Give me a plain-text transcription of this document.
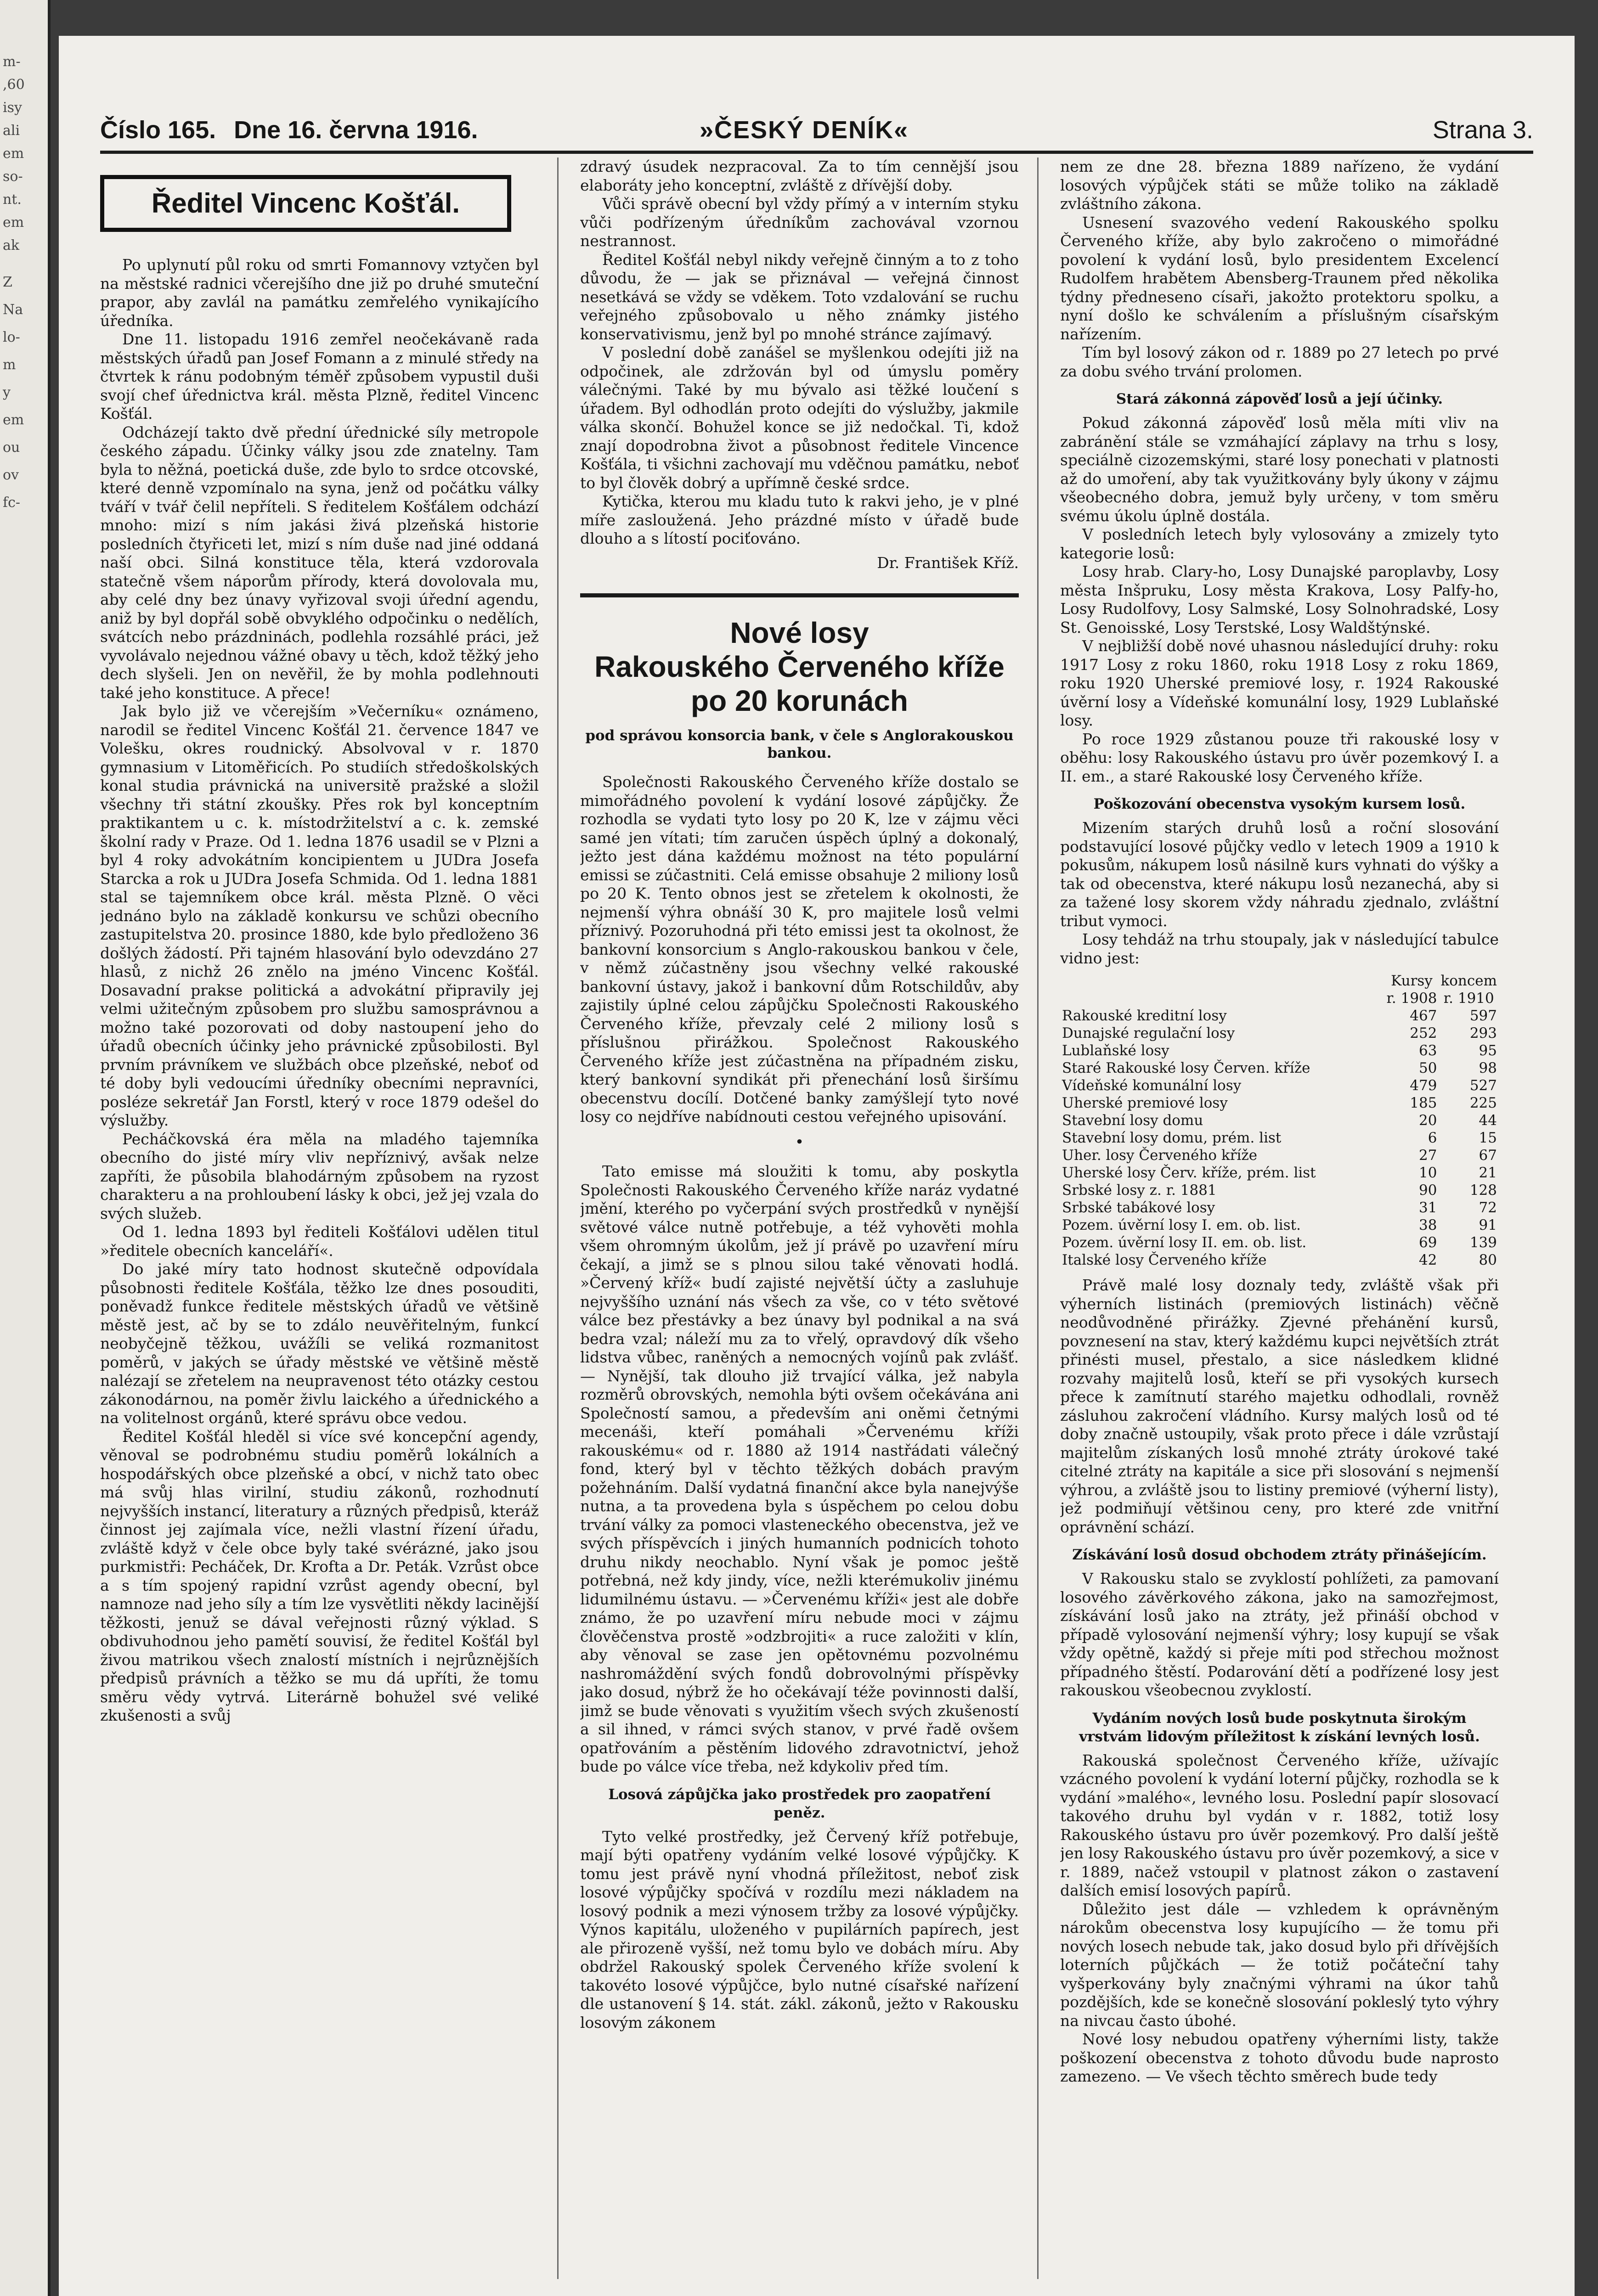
m-
,60
isy
ali
em
so-
nt.
em
ak
Z
Na
lo-
m
y
em
ou
ov
fc-
Číslo 165. Dne 16. června 1916.	»ČESKÝ DENÍK«	Strana 3.
Ředitel Vincenc Košťál.

Po uplynutí půl roku od smrti Fomannovy vztyčen byl na městské radnici včerejšího dne již po druhé smuteční prapor, aby zavlál na památku zemřelého vynikajícího úředníka.

Dne 11. listopadu 1916 zemřel neočekávaně rada městských úřadů pan Josef Fomann a z minulé středy na čtvrtek k ránu podobným téměř způsobem vypustil duši svojí chef úřednictva král. města Plzně, ředitel Vincenc Košťál.

Odcházejí takto dvě přední úřednické síly metropole českého západu. Účinky války jsou zde znatelny. Tam byla to něžná, poetická duše, zde bylo to srdce otcovské, které denně vzpomínalo na syna, jenž od počátku války tváří v tvář čelil nepříteli. S ředitelem Košťálem odchází mnoho: mizí s ním jakási živá plzeňská historie posledních čtyřiceti let, mizí s ním duše nad jiné oddaná naší obci. Silná konstituce těla, která vzdorovala statečně všem náporům přírody, která dovolovala mu, aby celé dny bez únavy vyřizoval svoji úřední agendu, aniž by byl dopřál sobě obvyklého odpočinku o nedělích, svátcích nebo prázdninách, podlehla rozsáhlé práci, jež vyvolávalo nejednou vážné obavy u těch, kdož těžký jeho dech slyšeli. Jen on nevěřil, že by mohla podlehnouti také jeho konstituce. A přece!

Jak bylo již ve včerejším »Večerníku« oznámeno, narodil se ředitel Vincenc Košťál 21. července 1847 ve Volešku, okres roudnický. Absolvoval v r. 1870 gymnasium v Litoměřicích. Po studiích středoškolských konal studia právnická na universitě pražské a složil všechny tři státní zkoušky. Přes rok byl konceptním praktikantem u c. k. místodržitelství a c. k. zemské školní rady v Praze. Od 1. ledna 1876 usadil se v Plzni a byl 4 roky advokátním koncipientem u JUDra Josefa Starcka a rok u JUDra Josefa Schmida. Od 1. ledna 1881 stal se tajemníkem obce král. města Plzně. O věci jednáno bylo na základě konkursu ve schůzi obecního zastupitelstva 20. prosince 1880, kde bylo předloženo 36 došlých žádostí. Při tajném hlasování bylo odevzdáno 27 hlasů, z nichž 26 znělo na jméno Vincenc Košťál. Dosavadní prakse politická a advokátní připravily jej velmi užitečným způsobem pro službu samosprávnou a možno také pozorovati od doby nastoupení jeho do úřadů obecních účinky jeho právnické způsobilosti. Byl prvním právníkem ve službách obce plzeňské, neboť od té doby byli vedoucími úředníky obecními nepravníci, posléze sekretář Jan Forstl, který v roce 1879 odešel do výslužby.

Pecháčkovská éra měla na mladého tajemníka obecního do jisté míry vliv nepříznivý, avšak nelze zapříti, že působila blahodárným způsobem na ryzost charakteru a na prohloubení lásky k obci, jež jej vzala do svých služeb.

Od 1. ledna 1893 byl řediteli Košťálovi udělen titul »ředitele obecních kanceláří«.

Do jaké míry tato hodnost skutečně odpovídala působnosti ředitele Košťála, těžko lze dnes posouditi, poněvadž funkce ředitele městských úřadů ve většině městě jest, ač by se to zdálo neuvěřitelným, funkcí neobyčejně těžkou, uvážíli se veliká rozmanitost poměrů, v jakých se úřady městské ve většině městě nalézají se zřetelem na neupravenost této otázky cestou zákonodárnou, na poměr živlu laického a úřednického a na volitelnost orgánů, které správu obce vedou.

Ředitel Košťál hleděl si více své koncepční agendy, věnoval se podrobnému studiu poměrů lokálních a hospodářských obce plzeňské a obcí, v nichž tato obec má svůj hlas virilní, studiu zákonů, rozhodnutí nejvyšších instancí, literatury a různých předpisů, kteráž činnost jej zajímala více, nežli vlastní řízení úřadu, zvláště když v čele obce byly také svérázné, jako jsou purkmistři: Pecháček, Dr. Krofta a Dr. Peták. Vzrůst obce a s tím spojený rapidní vzrůst agendy obecní, byl namnoze nad jeho síly a tím lze vysvětliti někdy lacinější těžkosti, jenuž se dával veřejnosti různý výklad. S obdivuhodnou jeho pamětí souvisí, že ředitel Košťál byl živou matrikou všech znalostí místních i nejrůznějších předpisů právních a těžko se mu dá upříti, že tomu směru vědy vytrvá. Literárně bohužel své veliké zkušenosti a svůj

zdravý úsudek nezpracoval. Za to tím cennější jsou elaboráty jeho konceptní, zvláště z dřívější doby.

Vůči správě obecní byl vždy přímý a v interním styku vůči podřízeným úředníkům zachovával vzornou nestrannost.

Ředitel Košťál nebyl nikdy veřejně činným a to z toho důvodu, že — jak se přiznával — veřejná činnost nesetkává se vždy se vděkem. Toto vzdalování se ruchu veřejného způsobovalo u něho známky jistého konservativismu, jenž byl po mnohé stránce zajímavý.

V poslední době zanášel se myšlenkou odejíti již na odpočinek, ale zdržován byl od úmyslu poměry válečnými. Také by mu bývalo asi těžké loučení s úřadem. Byl odhodlán proto odejíti do výslužby, jakmile válka skončí. Bohužel konce se již nedočkal. Ti, kdož znají dopodrobna život a působnost ředitele Vincence Košťála, ti všichni zachovají mu vděčnou památku, neboť to byl člověk dobrý a upřímně české srdce.

Kytička, kterou mu kladu tuto k rakvi jeho, je v plné míře zasloužená. Jeho prázdné místo v úřadě bude dlouho a s lítostí pociťováno.

Dr. František Kříž.
Nové losy
Rakouského Červeného kříže
po 20 korunách
pod správou konsorcia bank, v čele s Anglorakouskou bankou.

Společnosti Rakouského Červeného kříže dostalo se mimořádného povolení k vydání losové zápůjčky. Že rozhodla se vydati tyto losy po 20 K, lze v zájmu věci samé jen vítati; tím zaručen úspěch úplný a dokonalý, ježto jest dána každému možnost na této populární emissi se zúčastniti. Celá emisse obsahuje 2 miliony losů po 20 K. Tento obnos jest se zřetelem k okolnosti, že nejmenší výhra obnáší 30 K, pro majitele losů velmi příznivý. Pozoruhodná při této emissi jest ta okolnost, že bankovní konsorcium s Anglo-rakouskou bankou v čele, v němž zúčastněny jsou všechny velké rakouské bankovní ústavy, jakož i bankovní dům Rotschildův, aby zajistily úplné celou zápůjčku Společnosti Rakouského Červeného kříže, převzaly celé 2 miliony losů s příslušnou přirážkou. Společnost Rakouského Červeného kříže jest zúčastněna na případném zisku, který bankovní syndikát při přenechání losů širšímu obecenstvu docílí. Dotčené banky zamýšlejí tyto nové losy co nejdříve nabídnouti cestou veřejného upisování.

•

Tato emisse má sloužiti k tomu, aby poskytla Společnosti Rakouského Červeného kříže naráz vydatné jmění, kterého po vyčerpání svých prostředků v nynější světové válce nutně potřebuje, a též vyhověti mohla všem ohromným úkolům, jež jí právě po uzavření míru čekají, a jimž se s plnou silou také věnovati hodlá. »Červený kříž« budí zajisté největší účty a zasluhuje nejvyššího uznání nás všech za vše, co v této světové válce bez přestávky a bez únavy byl podnikal a na svá bedra vzal; náleží mu za to vřelý, opravdový dík všeho lidstva vůbec, raněných a nemocných vojínů pak zvlášť. — Nynější, tak dlouho již trvající válka, jež nabyla rozměrů obrovských, nemohla býti ovšem očekávána ani Společností samou, a především ani oněmi četnými mecenáši, kteří pomáhali »Červenému kříži rakouskému« od r. 1880 až 1914 nastřádati válečný fond, který byl v těchto těžkých dobách pravým požehnáním. Další vydatná finanční akce byla nanejvýše nutna, a ta provedena byla s úspěchem po celou dobu trvání války za pomoci vlasteneckého obecenstva, jež ve svých příspěvcích i jiných humanních podnicích tohoto druhu nikdy neochablo. Nyní však je pomoc ještě potřebná, než kdy jindy, více, nežli kterémukoliv jinému lidumilnému ústavu. — »Červenému kříži« jest ale dobře známo, že po uzavření míru nebude moci v zájmu člověčenstva prostě »odzbrojiti« a ruce založiti v klín, aby věnoval se zase jen opětovnému pozvolnému nashromáždění svých fondů dobrovolnými příspěvky jako dosud, nýbrž že ho očekávají téže povinnosti další, jimž se bude věnovati s využitím všech svých zkušeností a sil ihned, v rámci svých stanov, v prvé řadě ovšem opatřováním a pěstěním lidového zdravotnictví, jehož bude po válce více třeba, než kdykoliv před tím.

Losová zápůjčka jako prostředek pro zaopatření peněz.

Tyto velké prostředky, jež Červený kříž potřebuje, mají býti opatřeny vydáním velké losové výpůjčky. K tomu jest právě nyní vhodná příležitost, neboť zisk losové výpůjčky spočívá v rozdílu mezi nákladem na losový podnik a mezi výnosem tržby za losové výpůjčky. Výnos kapitálu, uloženého v pupilárních papírech, jest ale přirozeně vyšší, než tomu bylo ve dobách míru. Aby obdržel Rakouský spolek Červeného kříže svolení k takovéto losové výpůjčce, bylo nutné císařské nařízení dle ustanovení § 14. stát. zákl. zákonů, ježto v Rakousku losovým zákonem

nem ze dne 28. března 1889 nařízeno, že vydání losových výpůjček státi se může toliko na základě zvláštního zákona.

Usnesení svazového vedení Rakouského spolku Červeného kříže, aby bylo zakročeno o mimořádné povolení k vydání losů, bylo presidentem Excelencí Rudolfem hrabětem Abensberg-Traunem před několika týdny předneseno císaři, jakožto protektoru spolku, a nyní došlo ke schválením a příslušným císařským nařízením.

Tím byl losový zákon od r. 1889 po 27 letech po prvé za dobu svého trvání prolomen.

Stará zákonná zápověď losů a její účinky.

Pokud zákonná zápověď losů měla míti vliv na zabránění stále se vzmáhající záplavy na trhu s losy, speciálně cizozemskými, staré losy ponechati v platnosti až do umoření, aby tak využitkovány byly úkony v zájmu všeobecného dobra, jemuž byly určeny, v tom směru svému úkolu úplně dostála.

V posledních letech byly vylosovány a zmizely tyto kategorie losů:

Losy hrab. Clary-ho, Losy Dunajské paroplavby, Losy města Inšpruku, Losy města Krakova, Losy Palfy-ho, Losy Rudolfovy, Losy Salmské, Losy Solnohradské, Losy St. Genoisské, Losy Terstské, Losy Waldštýnské.

V nejbližší době nové uhasnou následující druhy: roku 1917 Losy z roku 1860, roku 1918 Losy z roku 1869, roku 1920 Uherské premiové losy, r. 1924 Rakouské úvěrní losy a Vídeňské komunální losy, 1929 Lublaňské losy.

Po roce 1929 zůstanou pouze tři rakouské losy v oběhu: losy Rakouského ústavu pro úvěr pozemkový I. a II. em., a staré Rakouské losy Červeného kříže.

Poškozování obecenstva vysokým kursem losů.

Mizením starých druhů losů a roční slosování podstavující losové půjčky vedlo v letech 1909 a 1910 k pokusům, nákupem losů násilně kurs vyhnati do výšky a tak od obecenstva, které nákupu losů nezanechá, aby si za tažené losy skorem vždy náhradu zjednalo, zvláštní tribut vymoci.

Losy tehdáž na trhu stoupaly, jak v následující tabulce vidno jest:

	Kursy	koncem
	r. 1908	r. 1910
Rakouské kreditní losy	467	597
Dunajské regulační losy	252	293
Lublaňské losy	63	95
Staré Rakouské losy Červen. kříže	50	98
Vídeňské komunální losy	479	527
Uherské premiové losy	185	225
Stavební losy domu	20	44
Stavební losy domu, prém. list	6	15
Uher. losy Červeného kříže	27	67
Uherské losy Červ. kříže, prém. list	10	21
Srbské losy z. r. 1881	90	128
Srbské tabákové losy	31	72
Pozem. úvěrní losy I. em. ob. list.	38	91
Pozem. úvěrní losy II. em. ob. list.	69	139
Italské losy Červeného kříže	42	80

Právě malé losy doznaly tedy, zvláště však při výherních listinách (premiových listinách) věčně neodůvodněné přirážky. Zjevné přehánění kursů, povznesení na stav, který každému kupci největších ztrát přinésti musel, přestalo, a sice následkem klidné rozvahy majitelů losů, kteří se při vysokých kursech přece k zamítnutí starého majetku odhodlali, rovněž zásluhou zakročení vládního. Kursy malých losů od té doby značně ustoupily, však proto přece i dále vzrůstají majitelům získaných losů mnohé ztráty úrokové také citelné ztráty na kapitále a sice při slosování s nejmenší výhrou, a zvláště jsou to listiny premiové (výherní listy), jež podmiňují většinou ceny, pro které zde vnitřní oprávnění schází.

Získávání losů dosud obchodem ztráty přinášejícím.

V Rakousku stalo se zvyklostí pohlížeti, za pamovaní losového závěrkového zákona, jako na samozřejmost, získávání losů jako na ztráty, jež přináší obchod v případě vylosování nejmenší výhry; losy kupují se však vždy opětně, každý si přeje míti pod střechou možnost případného štěstí. Podarování dětí a podřízené losy jest rakouskou všeobecnou zvyklostí.

Vydáním nových losů bude poskytnuta širokým vrstvám lidovým příležitost k získání levných losů.

Rakouská společnost Červeného kříže, užívajíc vzácného povolení k vydání loterní půjčky, rozhodla se k vydání »malého«, levného losu. Poslední papír slosovací takového druhu byl vydán v r. 1882, totiž losy Rakouského ústavu pro úvěr pozemkový. Pro další ještě jen losy Rakouského ústavu pro úvěr pozemkový, a sice v r. 1889, načež vstoupil v platnost zákon o zastavení dalších emisí losových papírů.

Důležito jest dále — vzhledem k oprávněným nárokům obecenstva losy kupujícího — že tomu při nových losech nebude tak, jako dosud bylo při dřívějších loterních půjčkách — že totiž počáteční tahy vyšperkovány byly značnými výhrami na úkor tahů pozdějších, kde se konečně slosování pokleslý tyto výhry na nivcau často úbohé.

Nové losy nebudou opatřeny výherními listy, takže poškození obecenstva z tohoto důvodu bude naprosto zamezeno. — Ve všech těchto směrech bude tedy
